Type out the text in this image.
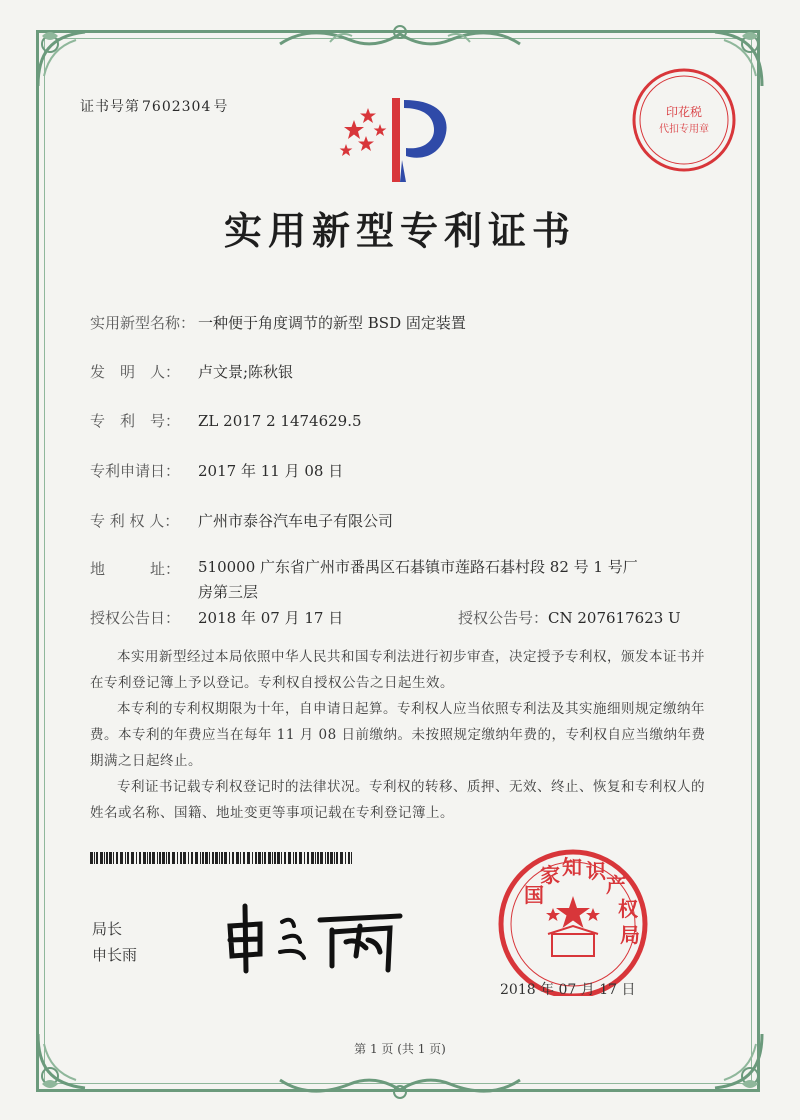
证书号第 7602304 号	印花税
代扣专用章
实用新型专利证书
实用新型名称： 一种便于角度调节的新型 BSD 固定装置
发　明　人： 卢文景;陈秋银
专　利　号： ZL 2017 2 1474629.5
专利申请日： 2017 年 11 月 08 日
专 利 权 人： 广州市泰谷汽车电子有限公司
地　　　址： 510000 广东省广州市番禺区石碁镇市莲路石碁村段 82 号 1 号厂房第三层
授权公告日： 2018 年 07 月 17 日	授权公告号：CN 207617623 U

本实用新型经过本局依照中华人民共和国专利法进行初步审查，决定授予专利权，颁发本证书并在专利登记簿上予以登记。专利权自授权公告之日起生效。

本专利的专利权期限为十年，自申请日起算。专利权人应当依照专利法及其实施细则规定缴纳年费。本专利的年费应当在每年 11 月 08 日前缴纳。未按照规定缴纳年费的，专利权自应当缴纳年费期满之日起终止。

专利证书记载专利权登记时的法律状况。专利权的转移、质押、无效、终止、恢复和专利权人的姓名或名称、国籍、地址变更等事项记载在专利登记簿上。

局长
申长雨
国
家 知 识
产
权
局
2018 年 07 月 17 日
第 1 页 (共 1 页)
